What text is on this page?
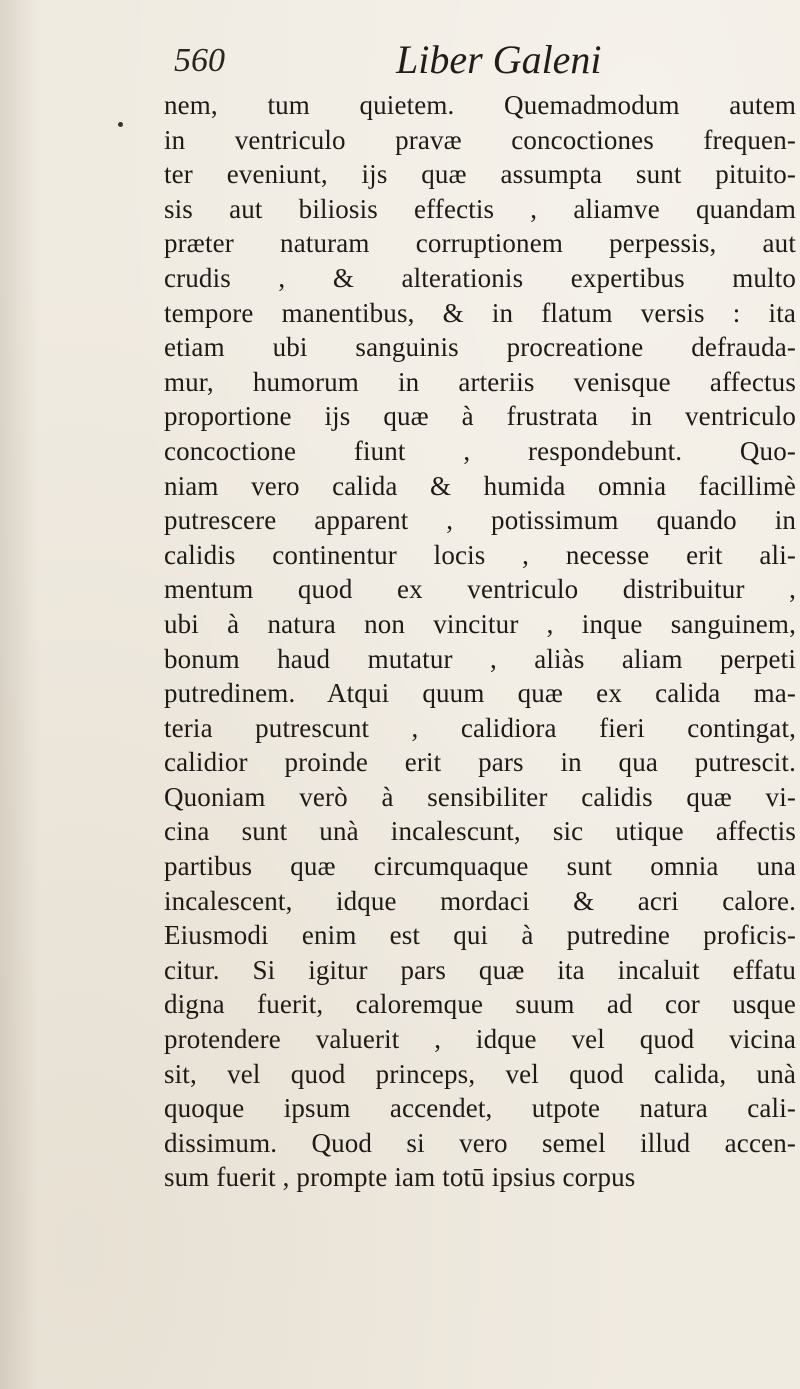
560	Liber Galeni
nem, tum quietem. Quemadmodum autem
in ventriculo pravæ concoctiones frequen-
ter eveniunt, ijs quæ assumpta sunt pituito-
sis aut biliosis effectis , aliamve quandam
præter naturam corruptionem perpessis, aut
crudis , & alterationis expertibus multo
tempore manentibus, & in flatum versis : ita
etiam ubi sanguinis procreatione defrauda-
mur, humorum in arteriis venisque affectus
proportione ijs quæ à frustrata in ventriculo
concoctione fiunt , respondebunt. Quo-
niam vero calida & humida omnia facillimè
putrescere apparent , potissimum quando in
calidis continentur locis , necesse erit ali-
mentum quod ex ventriculo distribuitur ,
ubi à natura non vincitur , inque sanguinem,
bonum haud mutatur , aliàs aliam perpeti
putredinem. Atqui quum quæ ex calida ma-
teria putrescunt , calidiora fieri contingat,
calidior proinde erit pars in qua putrescit.
Quoniam verò à sensibiliter calidis quæ vi-
cina sunt unà incalescunt, sic utique affectis
partibus quæ circumquaque sunt omnia una
incalescent, idque mordaci & acri calore.
Eiusmodi enim est qui à putredine proficis-
citur. Si igitur pars quæ ita incaluit effatu
digna fuerit, caloremque suum ad cor usque
protendere valuerit , idque vel quod vicina
sit, vel quod princeps, vel quod calida, unà
quoque ipsum accendet, utpote natura cali-
dissimum. Quod si vero semel illud accen-
sum fuerit , prompte iam totū ipsius corpus
